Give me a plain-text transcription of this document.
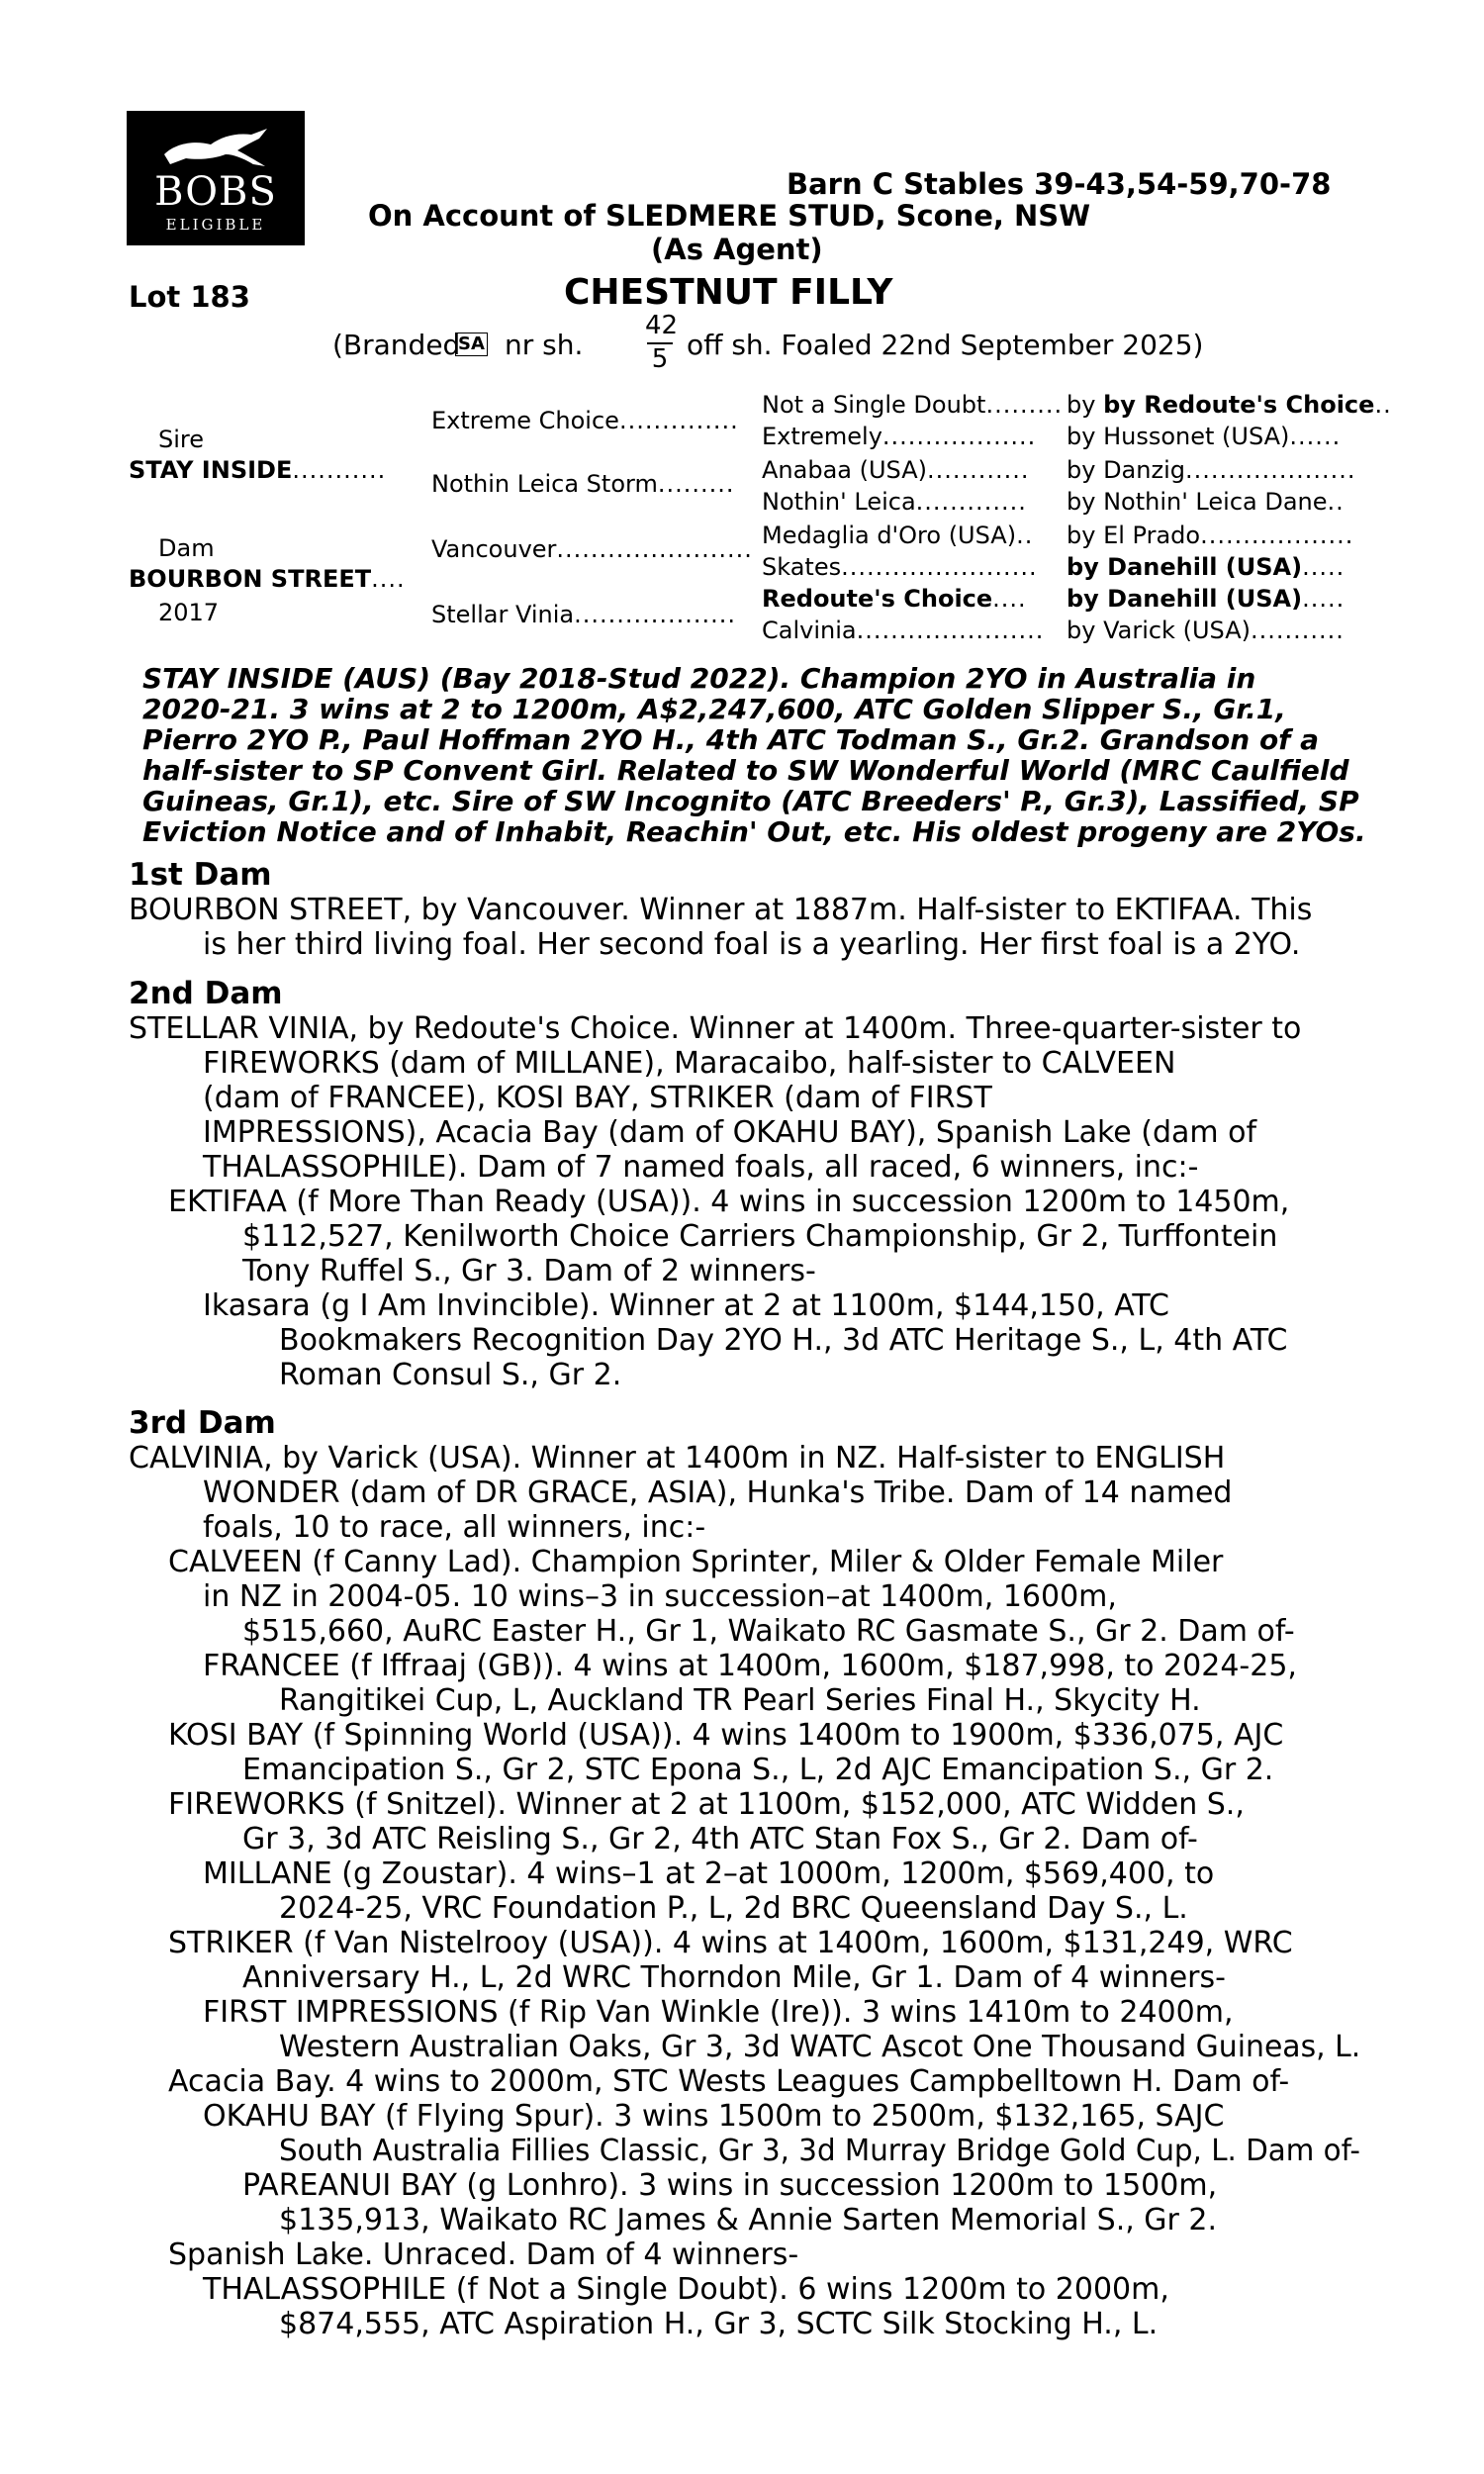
BOBS
ELIGIBLE
Barn C Stables 39-43,54-59,70-78
On Account of SLEDMERE STUD, Scone, NSW
(As Agent)
Lot 183	CHESTNUT FILLY
(Branded
SA nr sh.
42
5 off sh. Foaled 22nd September 2025)
Sire
STAY INSIDE...........
Dam
BOURBON STREET....
2017
Extreme Choice..............
Nothin Leica Storm.........
Vancouver.......................
Stellar Vinia...................
Not a Single Doubt.........
Extremely..................
Anabaa (USA)............
Nothin' Leica.............
Medaglia d'Oro (USA)..
Skates.......................
Redoute's Choice....
Calvinia......................
by by Redoute's Choice..
by Hussonet (USA)......
by Danzig....................
by Nothin' Leica Dane..
by El Prado..................
by Danehill (USA).....
by Danehill (USA).....
by Varick (USA)...........
STAY INSIDE (AUS) (Bay 2018-Stud 2022). Champion 2YO in Australia in
2020-21. 3 wins at 2 to 1200m, A$2,247,600, ATC Golden Slipper S., Gr.1,
Pierro 2YO P., Paul Hoffman 2YO H., 4th ATC Todman S., Gr.2. Grandson of a
half-sister to SP Convent Girl. Related to SW Wonderful World (MRC Caulfield
Guineas, Gr.1), etc. Sire of SW Incognito (ATC Breeders' P., Gr.3), Lassified, SP
Eviction Notice and of Inhabit, Reachin' Out, etc. His oldest progeny are 2YOs.
1st Dam
BOURBON STREET, by Vancouver. Winner at 1887m. Half-sister to EKTIFAA. This
is her third living foal. Her second foal is a yearling. Her first foal is a 2YO.
2nd Dam
STELLAR VINIA, by Redoute's Choice. Winner at 1400m. Three-quarter-sister to
FIREWORKS (dam of MILLANE), Maracaibo, half-sister to CALVEEN
(dam of FRANCEE), KOSI BAY, STRIKER (dam of FIRST
IMPRESSIONS), Acacia Bay (dam of OKAHU BAY), Spanish Lake (dam of
THALASSOPHILE). Dam of 7 named foals, all raced, 6 winners, inc:-
EKTIFAA (f More Than Ready (USA)). 4 wins in succession 1200m to 1450m,
$112,527, Kenilworth Choice Carriers Championship, Gr 2, Turffontein
Tony Ruffel S., Gr 3. Dam of 2 winners-
Ikasara (g I Am Invincible). Winner at 2 at 1100m, $144,150, ATC
Bookmakers Recognition Day 2YO H., 3d ATC Heritage S., L, 4th ATC
Roman Consul S., Gr 2.
3rd Dam
CALVINIA, by Varick (USA). Winner at 1400m in NZ. Half-sister to ENGLISH
WONDER (dam of DR GRACE, ASIA), Hunka's Tribe. Dam of 14 named
foals, 10 to race, all winners, inc:-
CALVEEN (f Canny Lad). Champion Sprinter, Miler & Older Female Miler
in NZ in 2004-05. 10 wins–3 in succession–at 1400m, 1600m,
$515,660, AuRC Easter H., Gr 1, Waikato RC Gasmate S., Gr 2. Dam of-
FRANCEE (f Iffraaj (GB)). 4 wins at 1400m, 1600m, $187,998, to 2024-25,
Rangitikei Cup, L, Auckland TR Pearl Series Final H., Skycity H.
KOSI BAY (f Spinning World (USA)). 4 wins 1400m to 1900m, $336,075, AJC
Emancipation S., Gr 2, STC Epona S., L, 2d AJC Emancipation S., Gr 2.
FIREWORKS (f Snitzel). Winner at 2 at 1100m, $152,000, ATC Widden S.,
Gr 3, 3d ATC Reisling S., Gr 2, 4th ATC Stan Fox S., Gr 2. Dam of-
MILLANE (g Zoustar). 4 wins–1 at 2–at 1000m, 1200m, $569,400, to
2024-25, VRC Foundation P., L, 2d BRC Queensland Day S., L.
STRIKER (f Van Nistelrooy (USA)). 4 wins at 1400m, 1600m, $131,249, WRC
Anniversary H., L, 2d WRC Thorndon Mile, Gr 1. Dam of 4 winners-
FIRST IMPRESSIONS (f Rip Van Winkle (Ire)). 3 wins 1410m to 2400m,
Western Australian Oaks, Gr 3, 3d WATC Ascot One Thousand Guineas, L.
Acacia Bay. 4 wins to 2000m, STC Wests Leagues Campbelltown H. Dam of-
OKAHU BAY (f Flying Spur). 3 wins 1500m to 2500m, $132,165, SAJC
South Australia Fillies Classic, Gr 3, 3d Murray Bridge Gold Cup, L. Dam of-
PAREANUI BAY (g Lonhro). 3 wins in succession 1200m to 1500m,
$135,913, Waikato RC James & Annie Sarten Memorial S., Gr 2.
Spanish Lake. Unraced. Dam of 4 winners-
THALASSOPHILE (f Not a Single Doubt). 6 wins 1200m to 2000m,
$874,555, ATC Aspiration H., Gr 3, SCTC Silk Stocking H., L.
